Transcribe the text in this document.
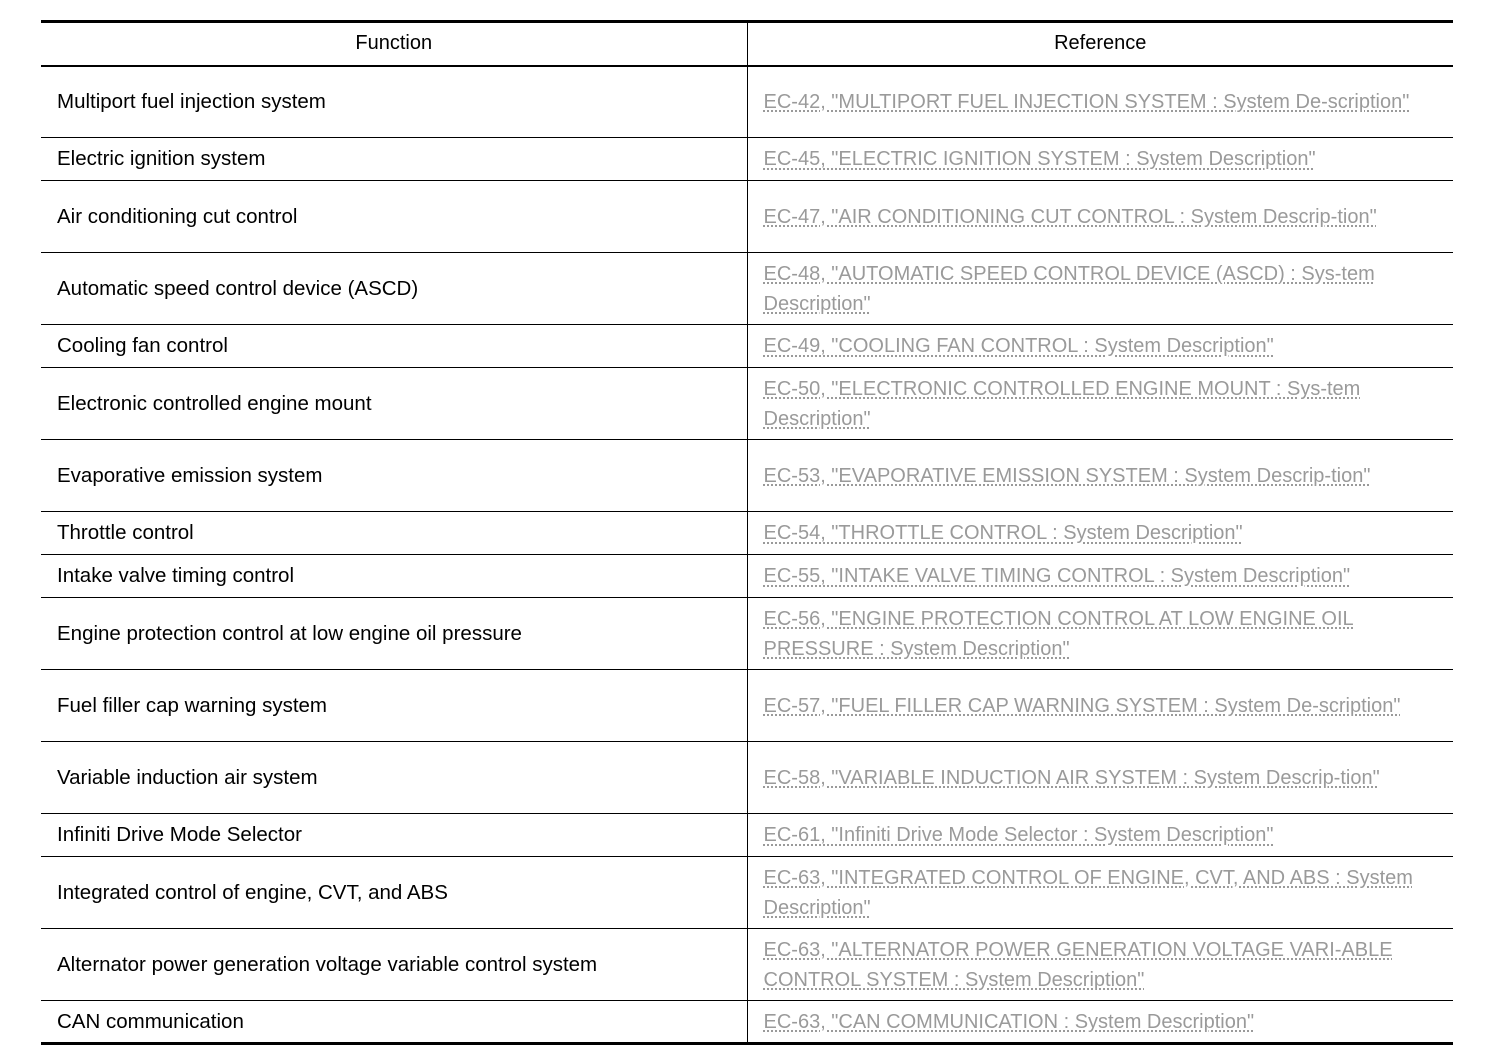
Function	Reference
Multiport fuel injection system	EC-42, "MULTIPORT FUEL INJECTION SYSTEM : System De-scription"
Electric ignition system	EC-45, "ELECTRIC IGNITION SYSTEM : System Description"
Air conditioning cut control	EC-47, "AIR CONDITIONING CUT CONTROL : System Descrip-tion"
Automatic speed control device (ASCD)	EC-48, "AUTOMATIC SPEED CONTROL DEVICE (ASCD) : Sys-tem Description"
Cooling fan control	EC-49, "COOLING FAN CONTROL : System Description"
Electronic controlled engine mount	EC-50, "ELECTRONIC CONTROLLED ENGINE MOUNT : Sys-tem Description"
Evaporative emission system	EC-53, "EVAPORATIVE EMISSION SYSTEM : System Descrip-tion"
Throttle control	EC-54, "THROTTLE CONTROL : System Description"
Intake valve timing control	EC-55, "INTAKE VALVE TIMING CONTROL : System Description"
Engine protection control at low engine oil pressure	EC-56, "ENGINE PROTECTION CONTROL AT LOW ENGINE OIL PRESSURE : System Description"
Fuel filler cap warning system	EC-57, "FUEL FILLER CAP WARNING SYSTEM : System De-scription"
Variable induction air system	EC-58, "VARIABLE INDUCTION AIR SYSTEM : System Descrip-tion"
Infiniti Drive Mode Selector	EC-61, "Infiniti Drive Mode Selector : System Description"
Integrated control of engine, CVT, and ABS	EC-63, "INTEGRATED CONTROL OF ENGINE, CVT, AND ABS : System Description"
Alternator power generation voltage variable control system	EC-63, "ALTERNATOR POWER GENERATION VOLTAGE VARI-ABLE CONTROL SYSTEM : System Description"
CAN communication	EC-63, "CAN COMMUNICATION : System Description"
